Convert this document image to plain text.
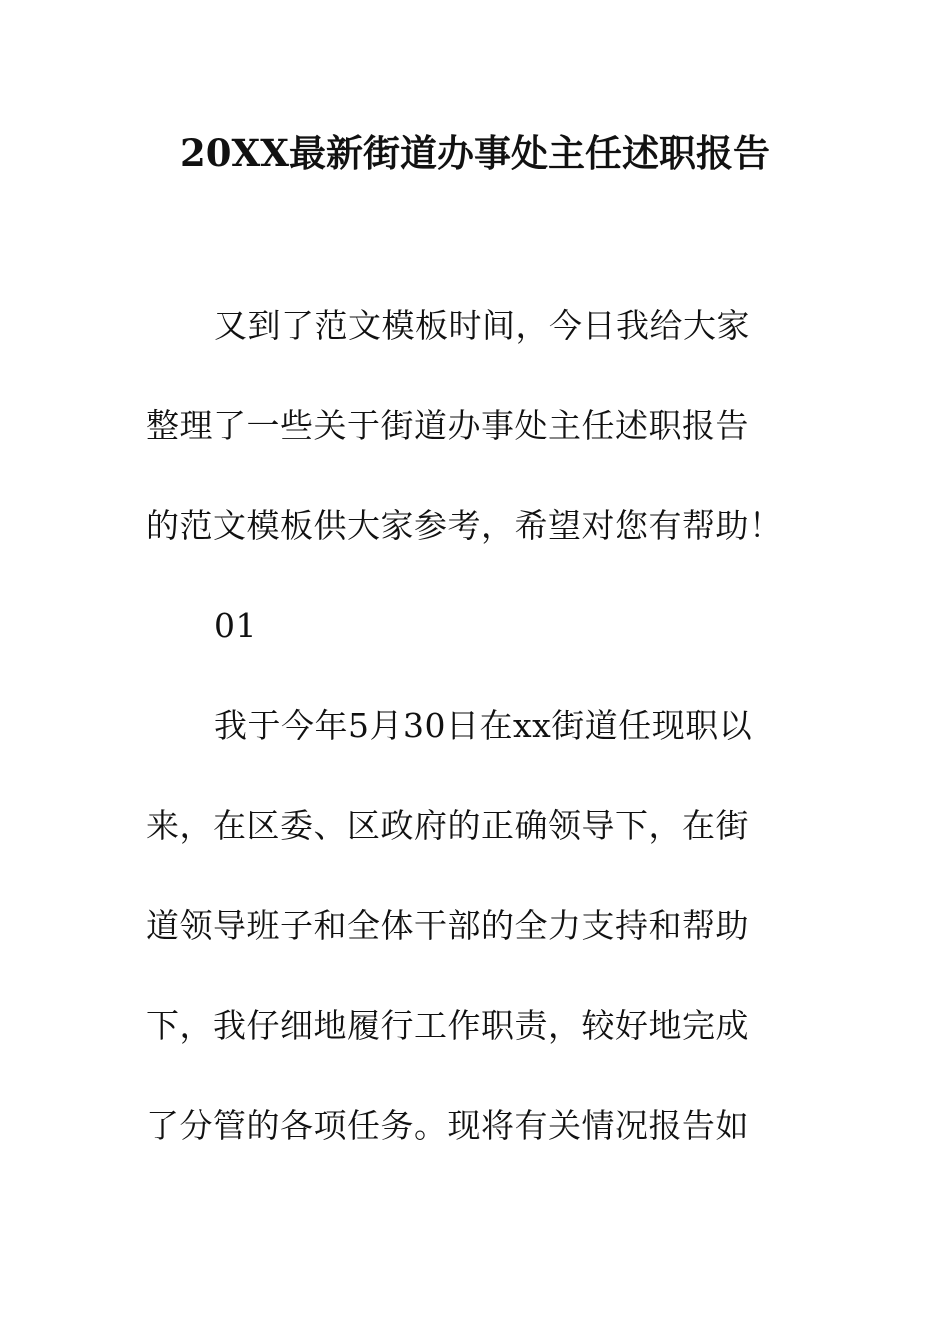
20XX最新街道办事处主任述职报告
又到了范文模板时间，今日我给大家
整理了一些关于街道办事处主任述职报告
的范文模板供大家参考，希望对您有帮助！
01
我于今年5月30日在xx街道任现职以
来，在区委、区政府的正确领导下，在街
道领导班子和全体干部的全力支持和帮助
下，我仔细地履行工作职责，较好地完成
了分管的各项任务。现将有关情况报告如
